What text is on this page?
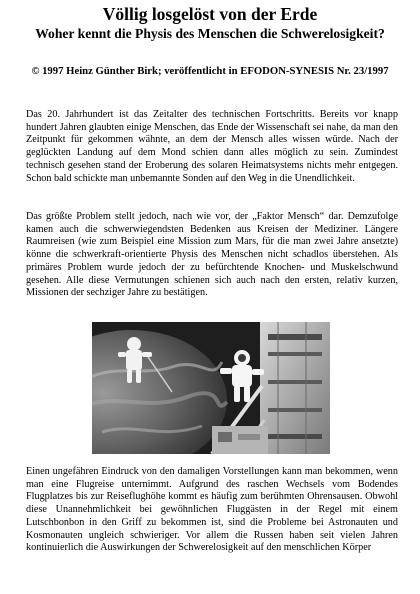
Völlig losgelöst von der Erde
Woher kennt die Physis des Menschen die Schwerelosigkeit?
© 1997 Heinz Günther Birk; veröffentlicht in EFODON-SYNESIS Nr. 23/1997

Das 20. Jahrhundert ist das Zeitalter des technischen Fortschritts. Bereits vor knapp hundert Jahren glaubten einige Menschen, das Ende der Wissenschaft sei nahe, da man den Zeitpunkt für gekommen wähnte, an dem der Mensch alles wissen würde. Nach der geglückten Landung auf dem Mond schien dann alles möglich zu sein. Zumindest technisch gesehen stand der Eroberung des solaren Heimatsystems nichts mehr entgegen. Schon bald schickte man unbemannte Sonden auf den Weg in die Unendlichkeit.

Das größte Problem stellt jedoch, nach wie vor, der „Faktor Mensch“ dar. Demzufolge kamen auch die schwerwiegendsten Bedenken aus Kreisen der Mediziner. Längere Raumreisen (wie zum Beispiel eine Mission zum Mars, für die man zwei Jahre ansetzte) könne die schwerkraft-orientierte Physis des Menschen nicht schadlos überstehen. Als primäres Problem wurde jedoch der zu befürchtende Knochen- und Muskelschwund gesehen. Alle diese Vermutungen schienen sich auch nach den ersten, relativ kurzen, Missionen der sechziger Jahre zu bestätigen.

Einen ungefähren Eindruck von den damaligen Vorstellungen kann man bekommen, wenn man eine Flugreise unternimmt. Aufgrund des raschen Wechsels vom Bodendes Flugplatzes bis zur Reiseflughöhe kommt es häufig zum berühmten Ohrensausen. Obwohl diese Unannehmlichkeit bei gewöhnlichen Fluggästen in der Regel mit einem Lutschbonbon in den Griff zu bekommen ist, sind die Probleme bei Astronauten und Kosmonauten ungleich schwieriger. Vor allem die Russen haben seit vielen Jahren kontinuierlich die Auswirkungen der Schwerelosigkeit auf den menschlichen Körper
